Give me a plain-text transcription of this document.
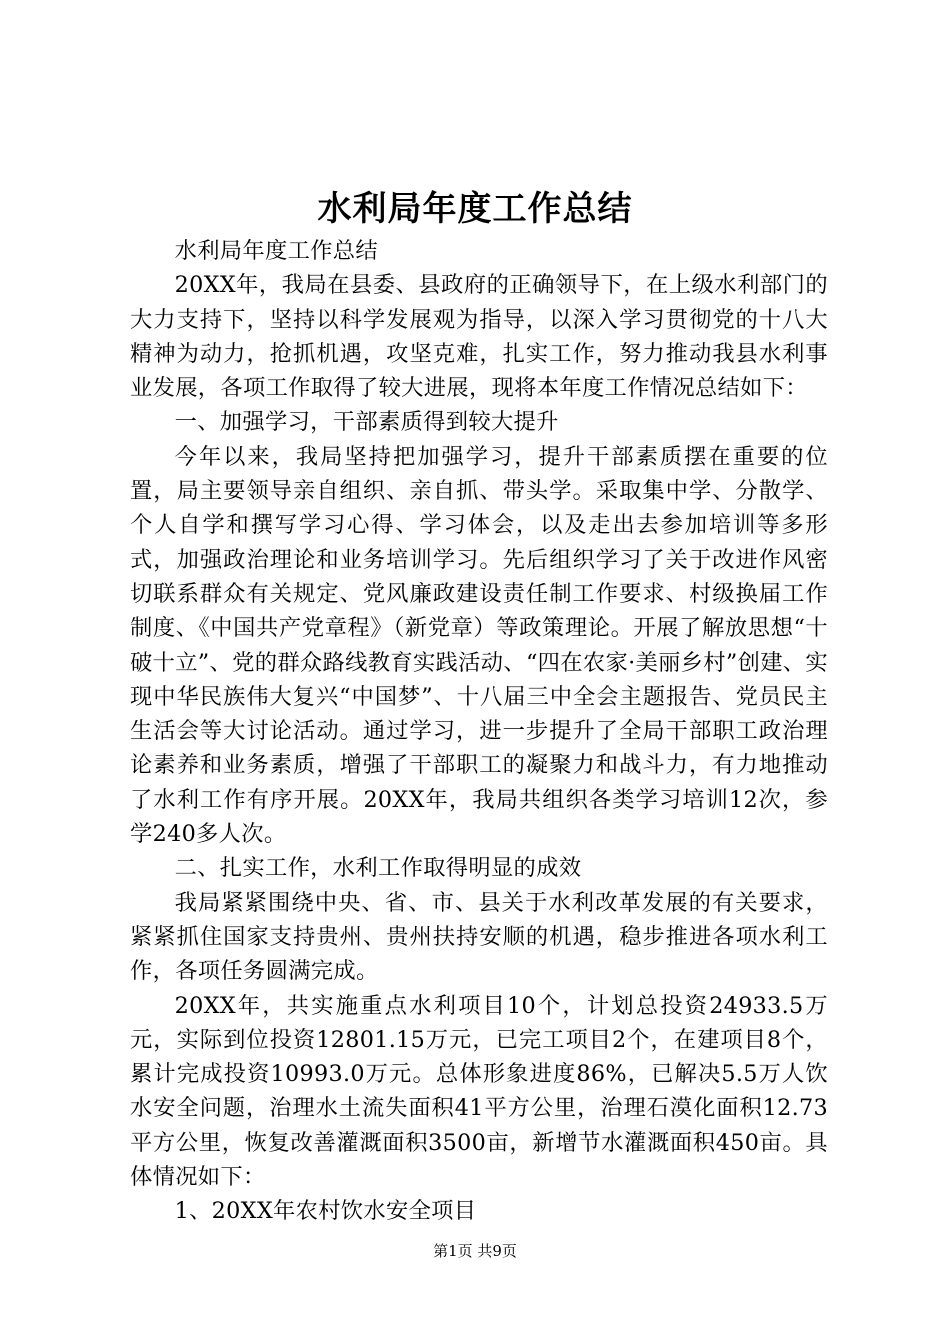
水利局年度工作总结

水利局年度工作总结

20XX年，我局在县委、县政府的正确领导下，在上级水利部门的大力支持下，坚持以科学发展观为指导，以深入学习贯彻党的十八大精神为动力，抢抓机遇，攻坚克难，扎实工作，努力推动我县水利事业发展，各项工作取得了较大进展，现将本年度工作情况总结如下：

一、加强学习，干部素质得到较大提升

今年以来，我局坚持把加强学习，提升干部素质摆在重要的位置，局主要领导亲自组织、亲自抓、带头学。采取集中学、分散学、个人自学和撰写学习心得、学习体会，以及走出去参加培训等多形式，加强政治理论和业务培训学习。先后组织学习了关于改进作风密切联系群众有关规定、党风廉政建设责任制工作要求、村级换届工作制度、《中国共产党章程》（新党章）等政策理论。开展了解放思想“十破十立”、党的群众路线教育实践活动、“四在农家·美丽乡村”创建、实现中华民族伟大复兴“中国梦”、十八届三中全会主题报告、党员民主生活会等大讨论活动。通过学习，进一步提升了全局干部职工政治理论素养和业务素质，增强了干部职工的凝聚力和战斗力，有力地推动了水利工作有序开展。20XX年，我局共组织各类学习培训12次，参学240多人次。

二、扎实工作，水利工作取得明显的成效

我局紧紧围绕中央、省、市、县关于水利改革发展的有关要求，紧紧抓住国家支持贵州、贵州扶持安顺的机遇，稳步推进各项水利工作，各项任务圆满完成。

20XX年，共实施重点水利项目10个，计划总投资24933.5万元，实际到位投资12801.15万元，已完工项目2个，在建项目8个，累计完成投资10993.0万元。总体形象进度86%，已解决5.5万人饮水安全问题，治理水土流失面积41平方公里，治理石漠化面积12.73平方公里，恢复改善灌溉面积3500亩，新增节水灌溉面积450亩。具体情况如下：

1、20XX年农村饮水安全项目

第1页 共9页
